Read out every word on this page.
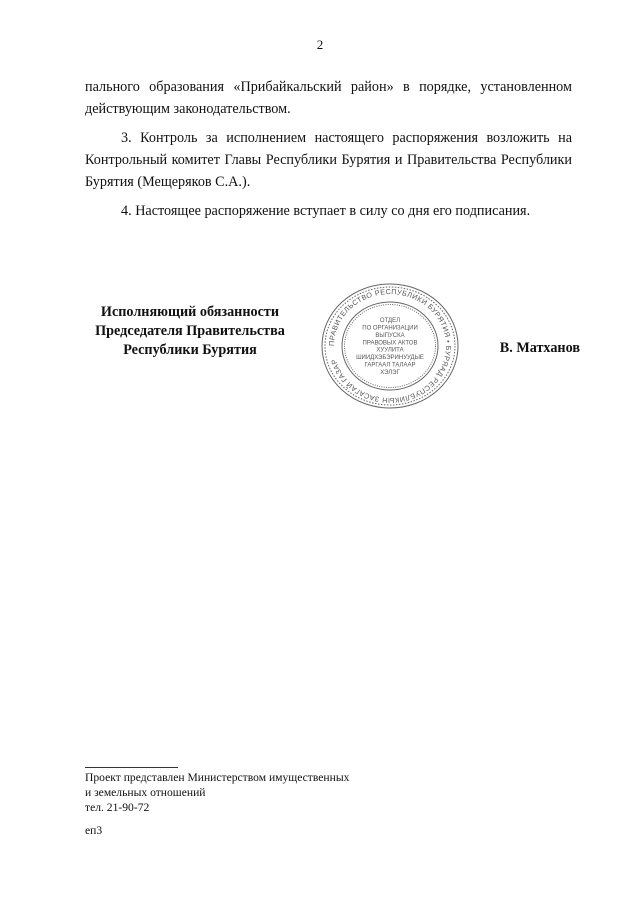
2

пального образования «Прибайкальский район» в порядке, установленном действующим законодательством.

3. Контроль за исполнением настоящего распоряжения возложить на Контрольный комитет Главы Республики Бурятия и Правительства Республики Бурятия (Мещеряков С.А.).

4. Настоящее распоряжение вступает в силу со дня его подписания.

Исполняющий обязанности
Председателя Правительства
Республики Бурятия	ПРАВИТЕЛЬСТВО РЕСПУБЛИКИ БУРЯТИЯ • БУРЯАД РЕСПУБЛИКЫН ЗАСАГАЙ ГАЗАР
ОТДЕЛ
ПО ОРГАНИЗАЦИИ
ВЫПУСКА
ПРАВОВЫХ АКТОВ
ХУУЛИТА
ШИИДХЭБЭРИНУУДЫЕ
ГАРГААЛ ТАЛААР
ХЭЛЭГ
В. Матханов
Проект представлен Министерством имущественных
и земельных отношений
тел. 21-90-72
еп3
